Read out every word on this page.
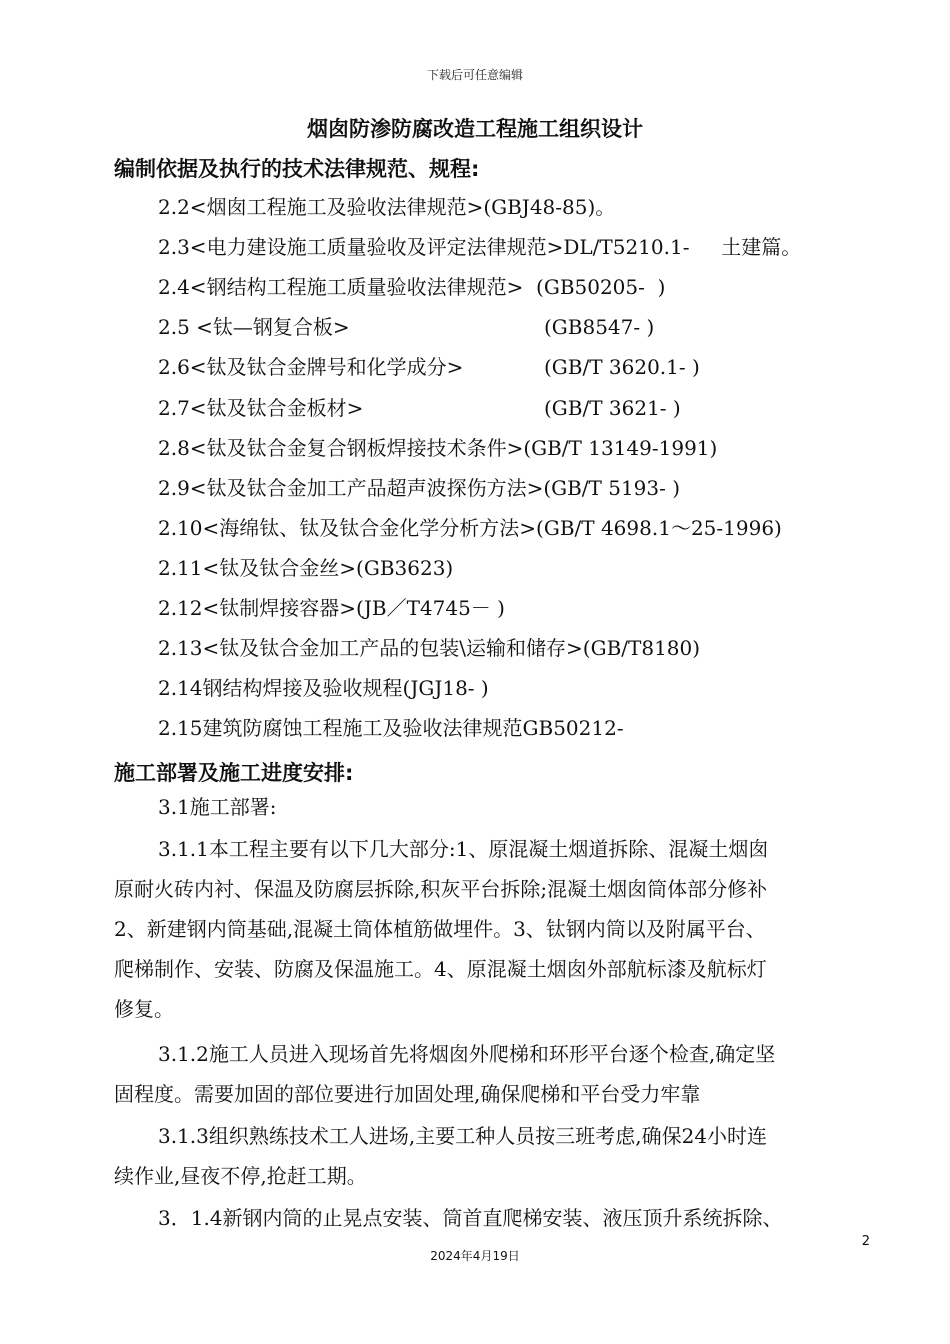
下载后可任意编辑
烟囱防渗防腐改造工程施工组织设计
编制依据及执行的技术法律规范、规程:
2.2<烟囱工程施工及验收法律规范>(GBJ48-85)。
2.3<电力建设施工质量验收及评定法律规范>DL/T5210.1-     土建篇。
2.4<钢结构工程施工质量验收法律规范>  (GB50205-  )
2.5 <钛—钢复合板>	(GB8547- )
2.6<钛及钛合金牌号和化学成分>	(GB/T 3620.1- )
2.7<钛及钛合金板材>	(GB/T 3621- )
2.8<钛及钛合金复合钢板焊接技术条件>(GB/T 13149-1991)
2.9<钛及钛合金加工产品超声波探伤方法>(GB/T 5193- )
2.10<海绵钛、钛及钛合金化学分析方法>(GB/T 4698.1～25-1996)
2.11<钛及钛合金丝>(GB3623)
2.12<钛制焊接容器>(JB／T4745－ )
2.13<钛及钛合金加工产品的包装\运输和储存>(GB/T8180)
2.14钢结构焊接及验收规程(JGJ18- )
2.15建筑防腐蚀工程施工及验收法律规范GB50212-
施工部署及施工进度安排:
3.1施工部署:
3.1.1本工程主要有以下几大部分:1、原混凝土烟道拆除、混凝土烟囱
原耐火砖内衬、保温及防腐层拆除,积灰平台拆除;混凝土烟囱筒体部分修补
2、新建钢内筒基础,混凝土筒体植筋做埋件。3、钛钢内筒以及附属平台、
爬梯制作、安装、防腐及保温施工。4、原混凝土烟囱外部航标漆及航标灯
修复。
3.1.2施工人员进入现场首先将烟囱外爬梯和环形平台逐个检查,确定坚
固程度。需要加固的部位要进行加固处理,确保爬梯和平台受力牢靠
3.1.3组织熟练技术工人进场,主要工种人员按三班考虑,确保24小时连
续作业,昼夜不停,抢赶工期。
3．1.4新钢内筒的止晃点安装、筒首直爬梯安装、液压顶升系统拆除、
2
2024年4月19日
